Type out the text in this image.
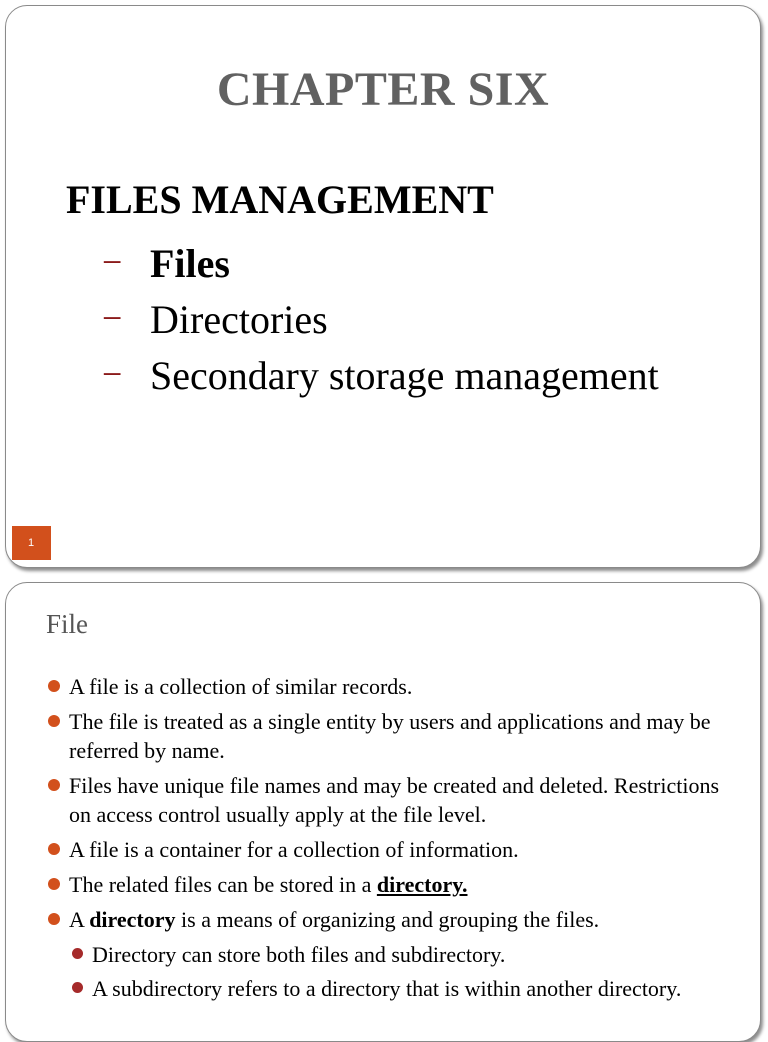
CHAPTER SIX
FILES MANAGEMENT
− Files
− Directories
− Secondary storage management
1
File
A file is a collection of similar records.
The file is treated as a single entity by users and applications and may be referred by name.
Files have unique file names and may be created and deleted. Restrictions on access control usually apply at the file level.
A file is a container for a collection of information.
The related files can be stored in a directory.
A directory is a means of organizing and grouping the files.
Directory can store both files and subdirectory.
A subdirectory refers to a directory that is within another directory.
